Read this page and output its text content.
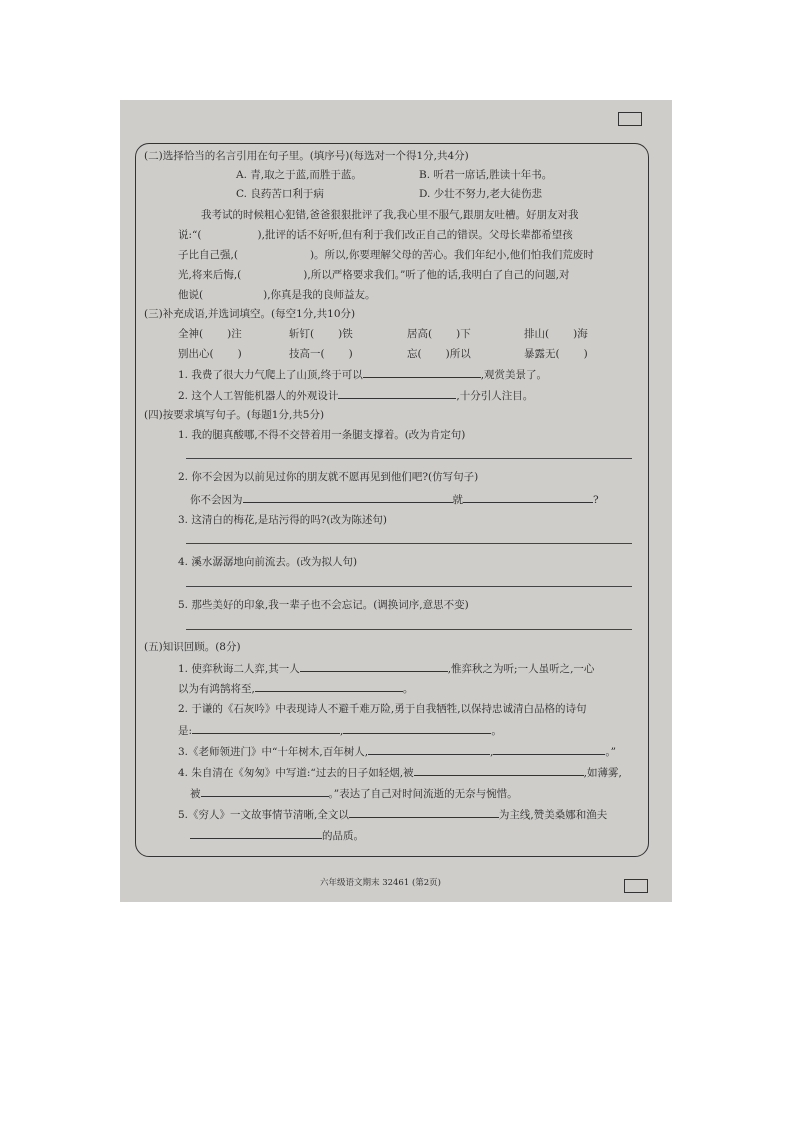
(二)选择恰当的名言引用在句子里。(填序号)(每选对一个得1分,共4分)
A. 青,取之于蓝,而胜于蓝。	B. 听君一席话,胜读十年书。
C. 良药苦口利于病	D. 少壮不努力,老大徒伤悲
我考试的时候粗心犯错,爸爸狠狠批评了我,我心里不服气,跟朋友吐槽。好朋友对我
说:“(	),批评的话不好听,但有利于我们改正自己的错误。父母长辈都希望孩
子比自己强,(	)。所以,你要理解父母的苦心。我们年纪小,他们怕我们荒废时
光,将来后悔,(	),所以严格要求我们。”听了他的话,我明白了自己的问题,对
他说(	),你真是我的良师益友。
(三)补充成语,并选词填空。(每空1分,共10分)
全神( )注	斩钉( )铁	居高( )下	排山( )海
别出心( )	技高一( )	忘( )所以	暴露无( )
1. 我费了很大力气爬上了山顶,终于可以	,观赏美景了。
2. 这个人工智能机器人的外观设计	,十分引人注目。
(四)按要求填写句子。(每题1分,共5分)
1. 我的腿真酸哪,不得不交替着用一条腿支撑着。(改为肯定句)
2. 你不会因为以前见过你的朋友就不愿再见到他们吧?(仿写句子)
你不会因为	就	?
3. 这清白的梅花,是玷污得的吗?(改为陈述句)
4. 溪水潺潺地向前流去。(改为拟人句)
5. 那些美好的印象,我一辈子也不会忘记。(调换词序,意思不变)
(五)知识回顾。(8分)
1. 使弈秋诲二人弈,其一人	,惟弈秋之为听;一人虽听之,一心
以为有鸿鹄将至,	。
2. 于谦的《石灰吟》中表现诗人不避千难万险,勇于自我牺牲,以保持忠诚清白品格的诗句
是:	,	。
3.《老师领进门》中“十年树木,百年树人,	,	。”
4. 朱自清在《匆匆》中写道:“过去的日子如轻烟,被	,如薄雾,
被	。”表达了自己对时间流逝的无奈与惋惜。
5.《穷人》一文故事情节清晰,全文以	为主线,赞美桑娜和渔夫
的品质。
六年级语文期末 32461 (第2页)
